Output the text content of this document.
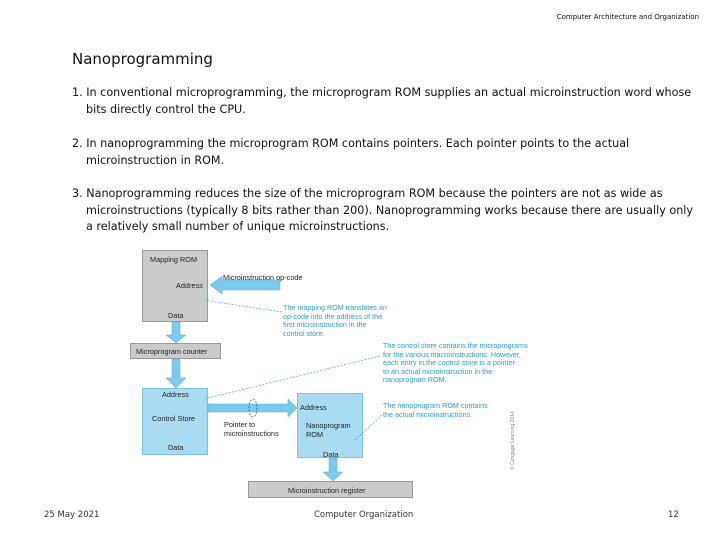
Computer Architecture and Organization
Nanoprogramming
1. In conventional microprogramming, the microprogram ROM supplies an actual microinstruction word whose
bits directly control the CPU.
2. In nanoprogramming the microprogram ROM contains pointers. Each pointer points to the actual
microinstruction in ROM.
3. Nanoprogramming reduces the size of the microprogram ROM because the pointers are not as wide as
microinstructions (typically 8 bits rather than 200). Nanoprogramming works because there are usually only
a relatively small number of unique microinstructions.
Mapping ROM
Address
Data
Microinstruction op-code
Microprogram counter
Address
Control Store
Data
Pointer to
microinstructions
Address
Nanoprogram
ROM
Data
Microinstruction register
The mapping ROM translates an
op-code into the address of the
first microinstruction in the
control store.
The control store contains the microprograms
for the various macroinstructions. However,
each entry in the control store is a pointer
to an actual microinstruction in the
nanoprogram ROM.
The nanoprogram ROM contains
the actual microinstructions.	© Cengage Learning 2014
25 May 2021	Computer Organization	12
